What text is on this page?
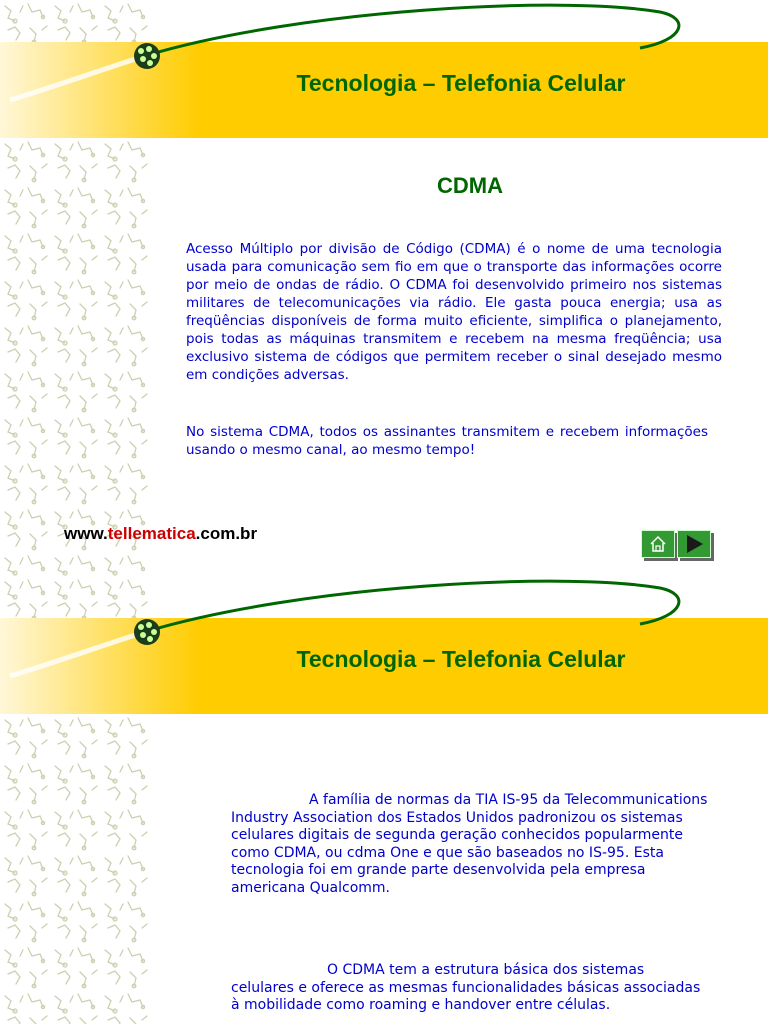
Tecnologia – Telefonia Celular
CDMA
Acesso Múltiplo por divisão de Código (CDMA) é o nome de uma tecnologia usada para comunicação sem fio em que o transporte das informações ocorre por meio de ondas de rádio. O CDMA foi desenvolvido primeiro nos sistemas militares de telecomunicações via rádio. Ele gasta pouca energia; usa as freqüências disponíveis de forma muito eficiente, simplifica o planejamento, pois todas as máquinas transmitem e recebem na mesma freqüência; usa exclusivo sistema de códigos que permitem receber o sinal desejado mesmo em condições adversas.
No sistema CDMA, todos os assinantes transmitem e recebem informações usando o mesmo canal, ao mesmo tempo!
www.tellematica.com.br
Tecnologia – Telefonia Celular
A família de normas da TIA IS-95 da Telecommunications Industry Association dos Estados Unidos padronizou os sistemas celulares digitais de segunda geração conhecidos popularmente como CDMA, ou cdma One e que são baseados no IS-95. Esta tecnologia foi em grande parte desenvolvida pela empresa americana Qualcomm.
O CDMA tem a estrutura básica dos sistemas celulares e oferece as mesmas funcionalidades básicas associadas à mobilidade como roaming e handover entre células.
